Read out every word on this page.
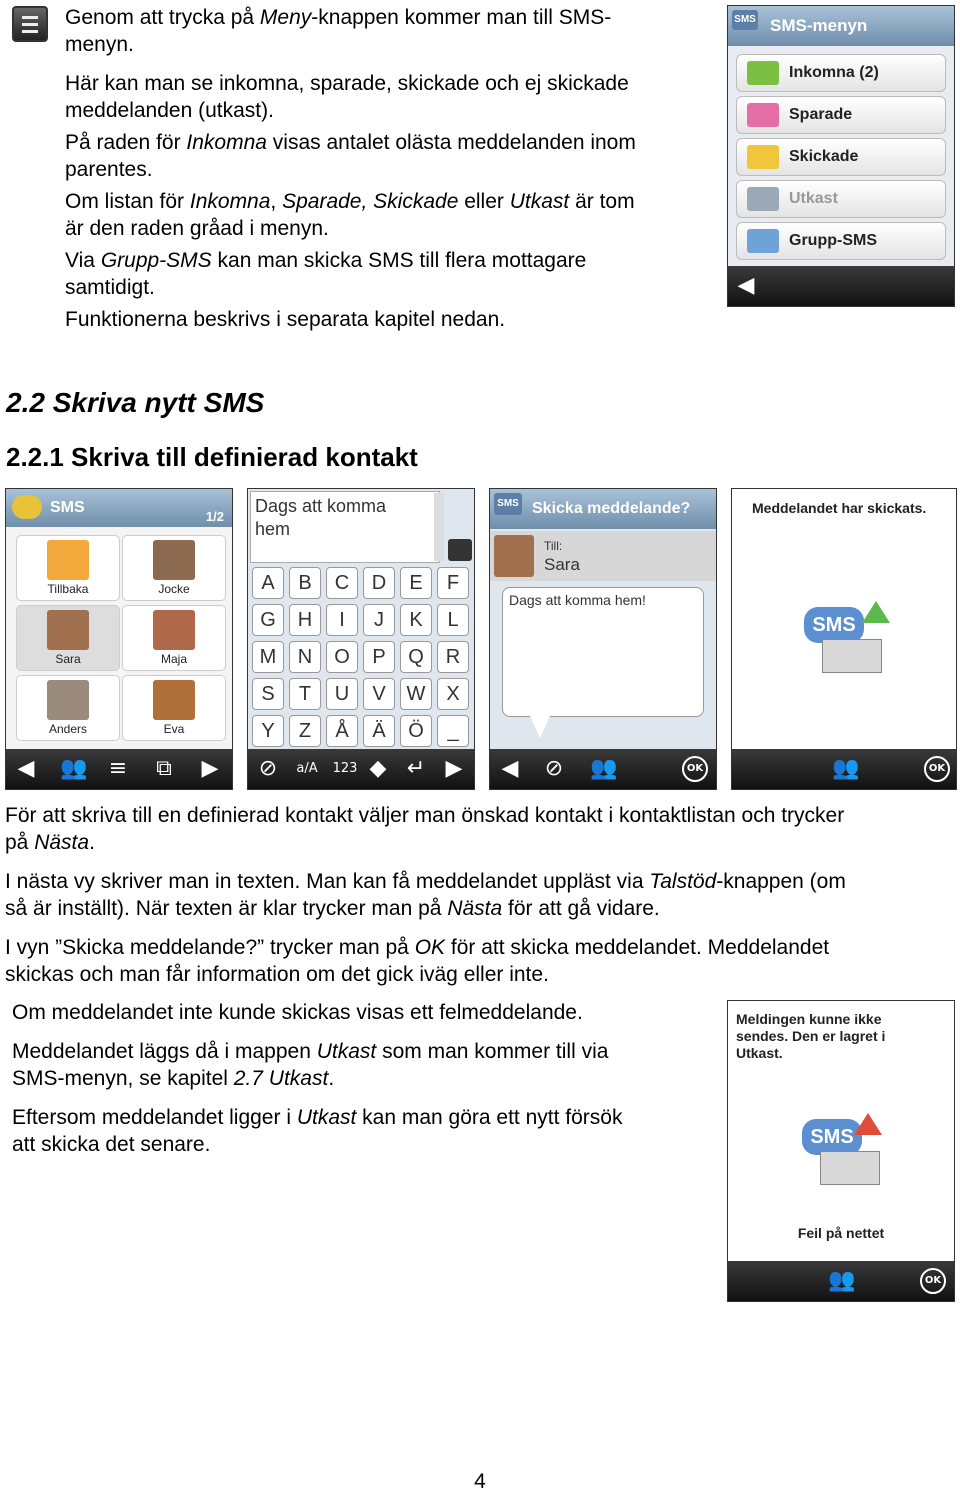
Genom att trycka på Meny-knappen kommer man till SMS-
menyn.
Här kan man se inkomna, sparade, skickade och ej skickade
meddelanden (utkast).
På raden för Inkomna visas antalet olästa meddelanden inom
parentes.
Om listan för Inkomna, Sparade, Skickade eller Utkast är tom
är den raden gråad i menyn.
Via Grupp-SMS kan man skicka SMS till flera mottagare
samtidigt.
Funktionerna beskrivs i separata kapitel nedan.
SMS SMS-menyn
Inkomna (2)
Sparade
Skickade
Utkast
Grupp-SMS
◀
2.2 Skriva nytt SMS
2.2.1 Skriva till definierad kontakt
SMS
1/2
Tillbaka	Jocke
Sara	Maja
Anders	Eva
◀ 👥 ≡ ⧉ ▶
Dags att komma
hem
A	B	C	D	E	F
G	H	I	J	K	L
M	N	O	P	Q	R
S	T	U	V	W	X
Y	Z	Å	Ä	Ö	_
⊘	a/A	123 ◆ ↵ ▶
SMS Skicka meddelande?
Till:
Sara
Dags att komma hem!
◀ ⊘ 👥	OK
Meddelandet har skickats.
SMS
👥	OK
För att skriva till en definierad kontakt väljer man önskad kontakt i kontaktlistan och trycker
på Nästa.
I nästa vy skriver man in texten. Man kan få meddelandet uppläst via Talstöd-knappen (om
så är inställt). När texten är klar trycker man på Nästa för att gå vidare.
I vyn ”Skicka meddelande?” trycker man på OK för att skicka meddelandet. Meddelandet
skickas och man får information om det gick iväg eller inte.
Om meddelandet inte kunde skickas visas ett felmeddelande.
Meddelandet läggs då i mappen Utkast som man kommer till via
SMS-menyn, se kapitel 2.7 Utkast.
Eftersom meddelandet ligger i Utkast kan man göra ett nytt försök
att skicka det senare.
Meldingen kunne ikke
sendes. Den er lagret i
Utkast.
SMS
Feil på nettet
👥	OK
4
